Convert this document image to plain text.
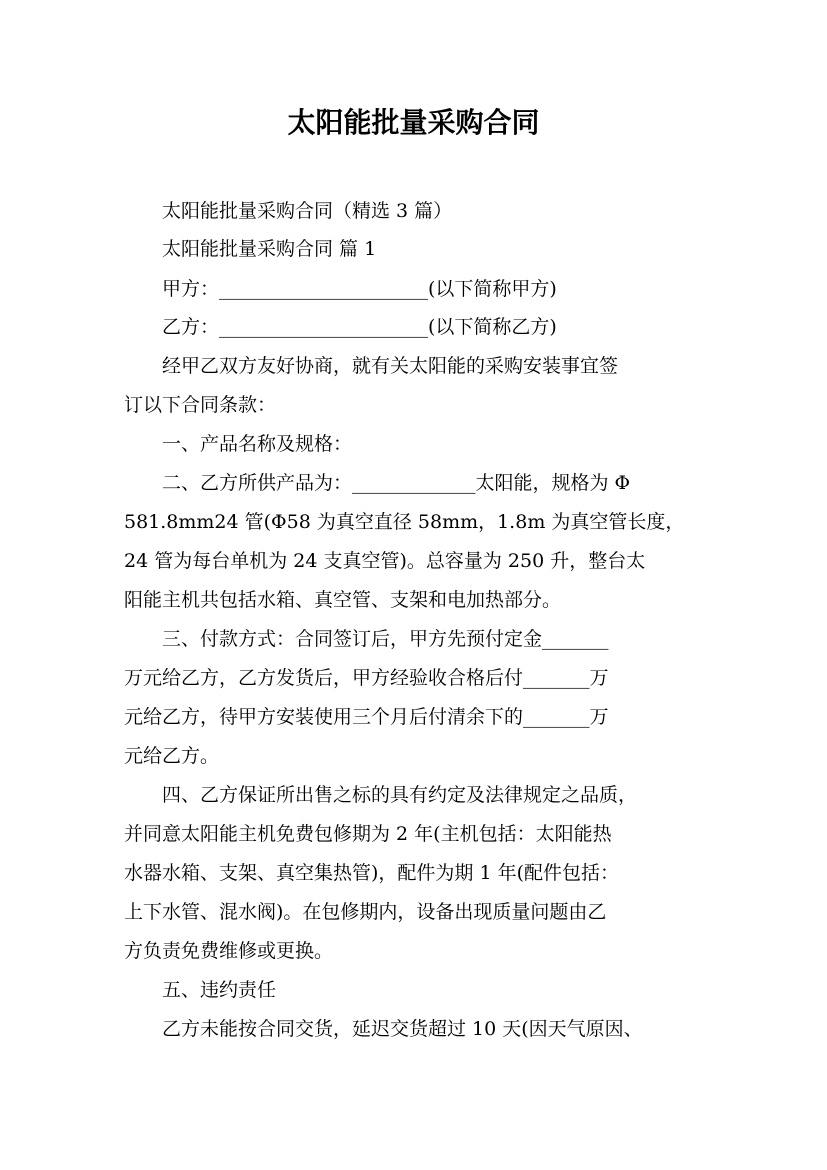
太阳能批量采购合同
　　太阳能批量采购合同（精选 3 篇）
　　太阳能批量采购合同 篇 1
　　甲方：______________________(以下简称甲方)
　　乙方：______________________(以下简称乙方)
　　经甲乙双方友好协商，就有关太阳能的采购安装事宜签
订以下合同条款：
　　一、产品名称及规格：
　　二、乙方所供产品为：_____________太阳能，规格为 Φ
581.8mm24 管(Φ58 为真空直径 58mm，1.8m 为真空管长度，
24 管为每台单机为 24 支真空管)。总容量为 250 升，整台太
阳能主机共包括水箱、真空管、支架和电加热部分。
　　三、付款方式：合同签订后，甲方先预付定金_______
万元给乙方，乙方发货后，甲方经验收合格后付_______万
元给乙方，待甲方安装使用三个月后付清余下的_______万
元给乙方。
　　四、乙方保证所出售之标的具有约定及法律规定之品质，
并同意太阳能主机免费包修期为 2 年(主机包括：太阳能热
水器水箱、支架、真空集热管)，配件为期 1 年(配件包括：
上下水管、混水阀)。在包修期内，设备出现质量问题由乙
方负责免费维修或更换。
　　五、违约责任
　　乙方未能按合同交货，延迟交货超过 10 天(因天气原因、
